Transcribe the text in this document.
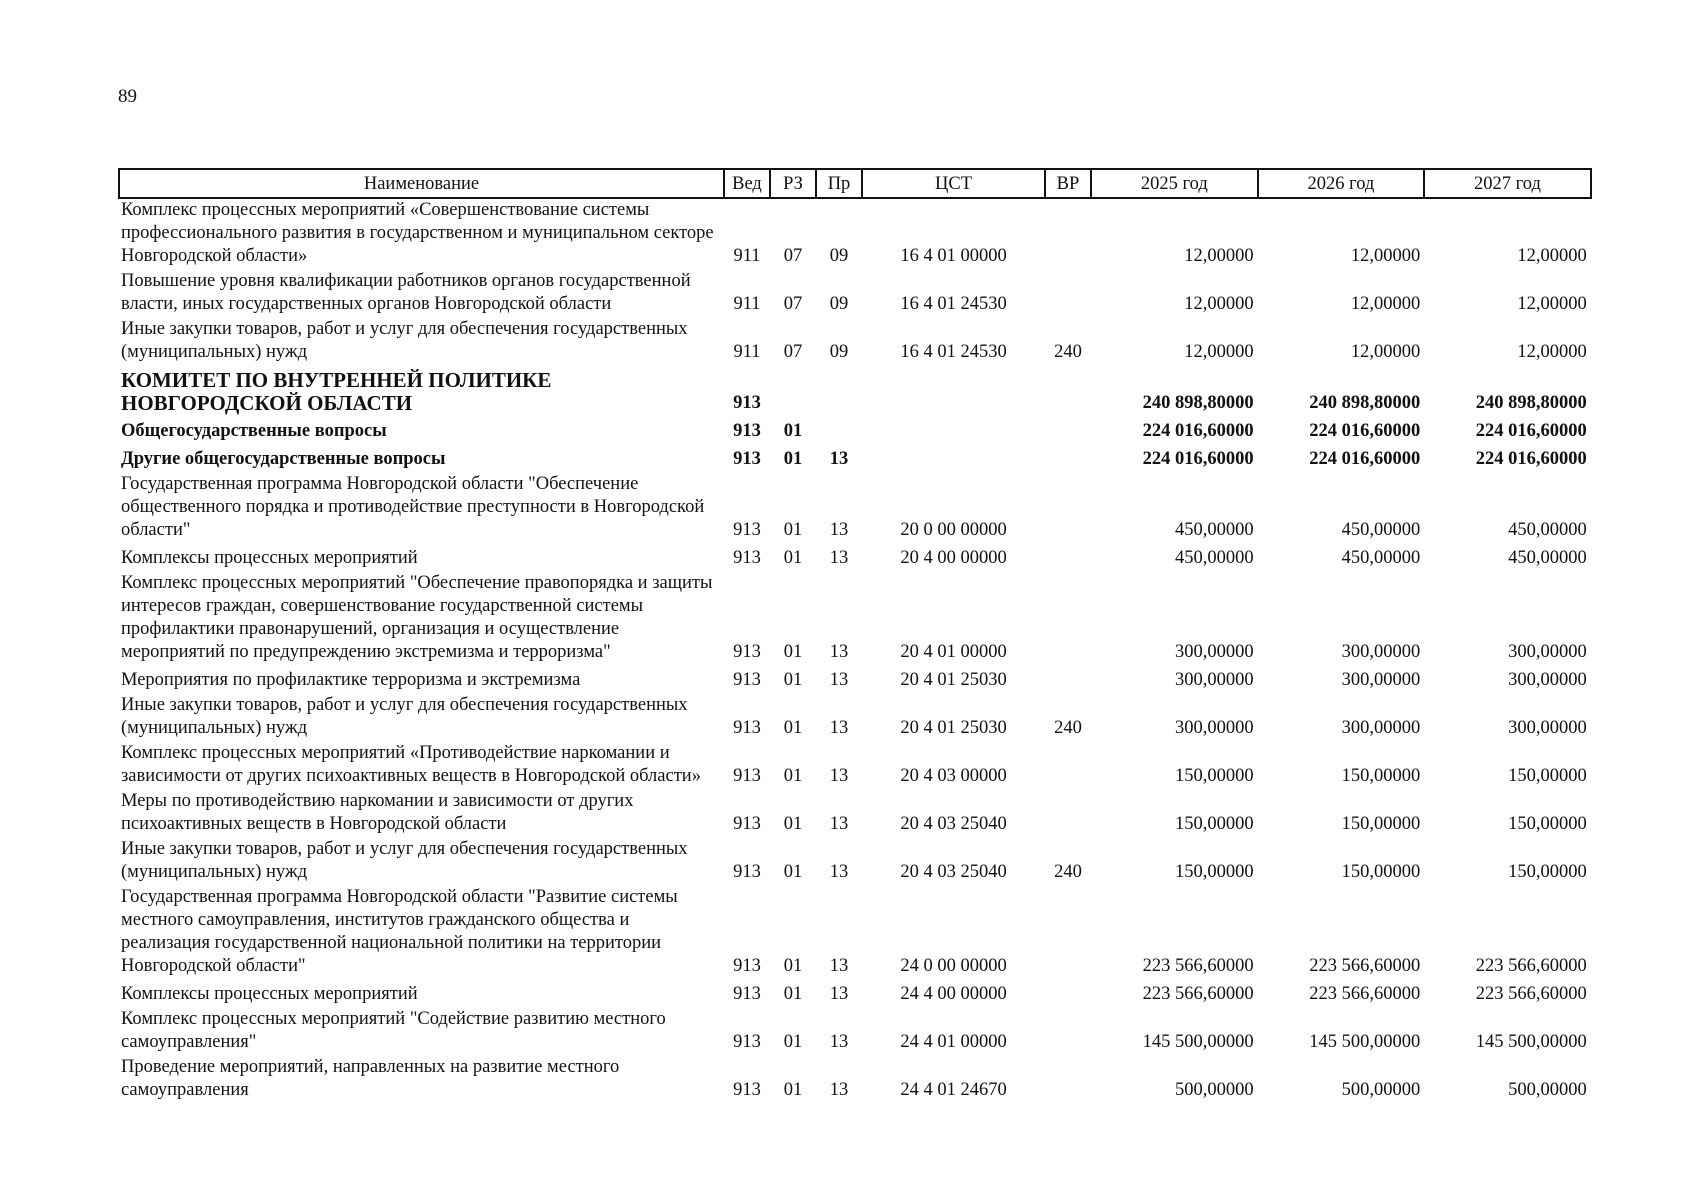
89
Наименование	Вед	РЗ	Пр	ЦСТ	ВР	2025 год	2026 год	2027 год
Комплекс процессных мероприятий «Совершенствование системы профессионального развития в государственном и муниципальном секторе Новгородской области»	911	07	09	16 4 01 00000		12,00000	12,00000	12,00000
Повышение уровня квалификации работников органов государственной власти, иных государственных органов Новгородской области	911	07	09	16 4 01 24530		12,00000	12,00000	12,00000
Иные закупки товаров, работ и услуг для обеспечения государственных (муниципальных) нужд	911	07	09	16 4 01 24530	240	12,00000	12,00000	12,00000
КОМИТЕТ ПО ВНУТРЕННЕЙ ПОЛИТИКЕ НОВГОРОДСКОЙ ОБЛАСТИ	913					240 898,80000	240 898,80000	240 898,80000
Общегосударственные вопросы	913	01				224 016,60000	224 016,60000	224 016,60000
Другие общегосударственные вопросы	913	01	13			224 016,60000	224 016,60000	224 016,60000
Государственная программа Новгородской области "Обеспечение общественного порядка и противодействие преступности в Новгородской области"	913	01	13	20 0 00 00000		450,00000	450,00000	450,00000
Комплексы процессных мероприятий	913	01	13	20 4 00 00000		450,00000	450,00000	450,00000
Комплекс процессных мероприятий "Обеспечение правопорядка и защиты интересов граждан, совершенствование государственной системы профилактики правонарушений, организация и осуществление мероприятий по предупреждению экстремизма и терроризма"	913	01	13	20 4 01 00000		300,00000	300,00000	300,00000
Мероприятия по профилактике терроризма и экстремизма	913	01	13	20 4 01 25030		300,00000	300,00000	300,00000
Иные закупки товаров, работ и услуг для обеспечения государственных (муниципальных) нужд	913	01	13	20 4 01 25030	240	300,00000	300,00000	300,00000
Комплекс процессных мероприятий «Противодействие наркомании и зависимости от других психоактивных веществ в Новгородской области»	913	01	13	20 4 03 00000		150,00000	150,00000	150,00000
Меры по противодействию наркомании и зависимости от других психоактивных веществ в Новгородской области	913	01	13	20 4 03 25040		150,00000	150,00000	150,00000
Иные закупки товаров, работ и услуг для обеспечения государственных (муниципальных) нужд	913	01	13	20 4 03 25040	240	150,00000	150,00000	150,00000
Государственная программа Новгородской области "Развитие системы местного самоуправления, институтов гражданского общества и реализация государственной национальной политики на территории Новгородской области"	913	01	13	24 0 00 00000		223 566,60000	223 566,60000	223 566,60000
Комплексы процессных мероприятий	913	01	13	24 4 00 00000		223 566,60000	223 566,60000	223 566,60000
Комплекс процессных мероприятий "Содействие развитию местного самоуправления"	913	01	13	24 4 01 00000		145 500,00000	145 500,00000	145 500,00000
Проведение мероприятий, направленных на развитие местного самоуправления	913	01	13	24 4 01 24670		500,00000	500,00000	500,00000
